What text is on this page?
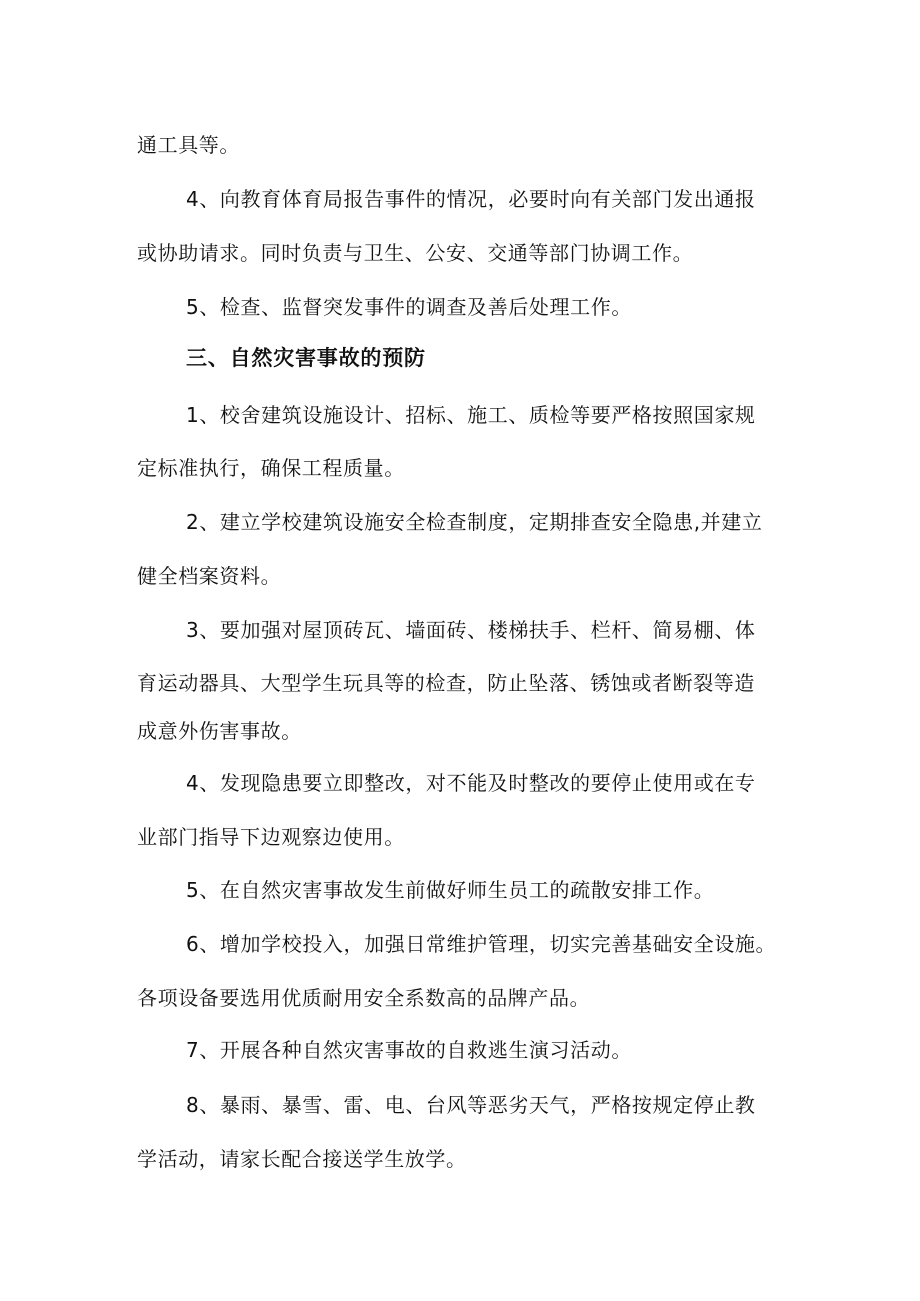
通工具等。
4、向教育体育局报告事件的情况，必要时向有关部门发出通报
或协助请求。同时负责与卫生、公安、交通等部门协调工作。
5、检查、监督突发事件的调查及善后处理工作。
三、自然灾害事故的预防
1、校舍建筑设施设计、招标、施工、质检等要严格按照国家规
定标准执行，确保工程质量。
2、建立学校建筑设施安全检查制度，定期排查安全隐患,并建立
健全档案资料。
3、要加强对屋顶砖瓦、墙面砖、楼梯扶手、栏杆、简易棚、体
育运动器具、大型学生玩具等的检查，防止坠落、锈蚀或者断裂等造
成意外伤害事故。
4、发现隐患要立即整改，对不能及时整改的要停止使用或在专
业部门指导下边观察边使用。
5、在自然灾害事故发生前做好师生员工的疏散安排工作。
6、增加学校投入，加强日常维护管理，切实完善基础安全设施。
各项设备要选用优质耐用安全系数高的品牌产品。
7、开展各种自然灾害事故的自救逃生演习活动。
8、暴雨、暴雪、雷、电、台风等恶劣天气，严格按规定停止教
学活动，请家长配合接送学生放学。
